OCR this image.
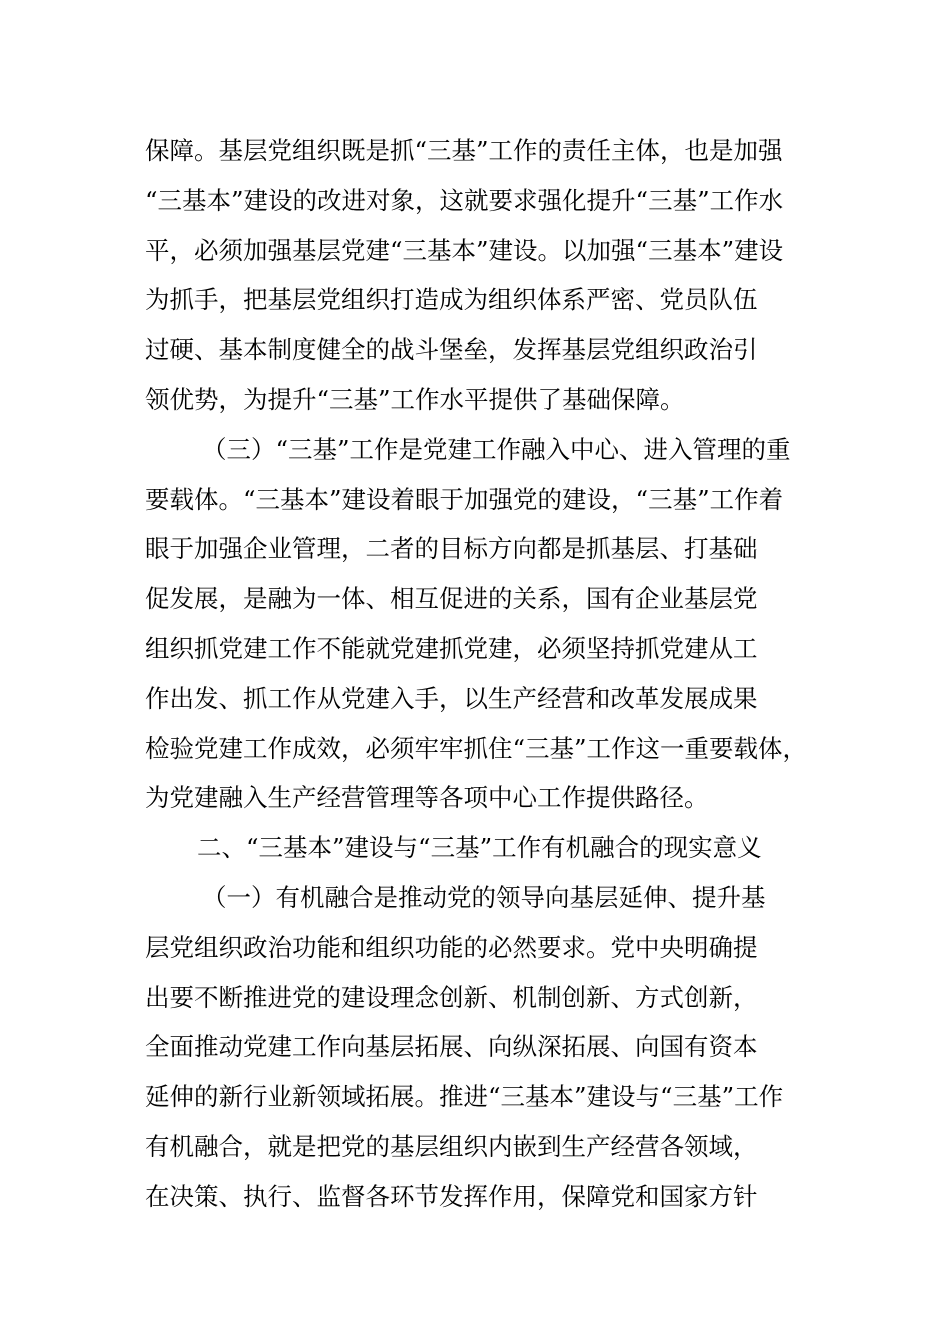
保障。基层党组织既是抓“三基”工作的责任主体，也是加强
“三基本”建设的改进对象，这就要求强化提升“三基”工作水
平，必须加强基层党建“三基本”建设。以加强“三基本”建设
为抓手，把基层党组织打造成为组织体系严密、党员队伍
过硬、基本制度健全的战斗堡垒，发挥基层党组织政治引
领优势，为提升“三基”工作水平提供了基础保障。
（三）“三基”工作是党建工作融入中心、进入管理的重
要载体。“三基本”建设着眼于加强党的建设，“三基”工作着
眼于加强企业管理，二者的目标方向都是抓基层、打基础
促发展，是融为一体、相互促进的关系，国有企业基层党
组织抓党建工作不能就党建抓党建，必须坚持抓党建从工
作出发、抓工作从党建入手，以生产经营和改革发展成果
检验党建工作成效，必须牢牢抓住“三基”工作这一重要载体，
为党建融入生产经营管理等各项中心工作提供路径。
二、“三基本”建设与“三基”工作有机融合的现实意义
（一）有机融合是推动党的领导向基层延伸、提升基
层党组织政治功能和组织功能的必然要求。党中央明确提
出要不断推进党的建设理念创新、机制创新、方式创新，
全面推动党建工作向基层拓展、向纵深拓展、向国有资本
延伸的新行业新领域拓展。推进“三基本”建设与“三基”工作
有机融合，就是把党的基层组织内嵌到生产经营各领域，
在决策、执行、监督各环节发挥作用，保障党和国家方针
